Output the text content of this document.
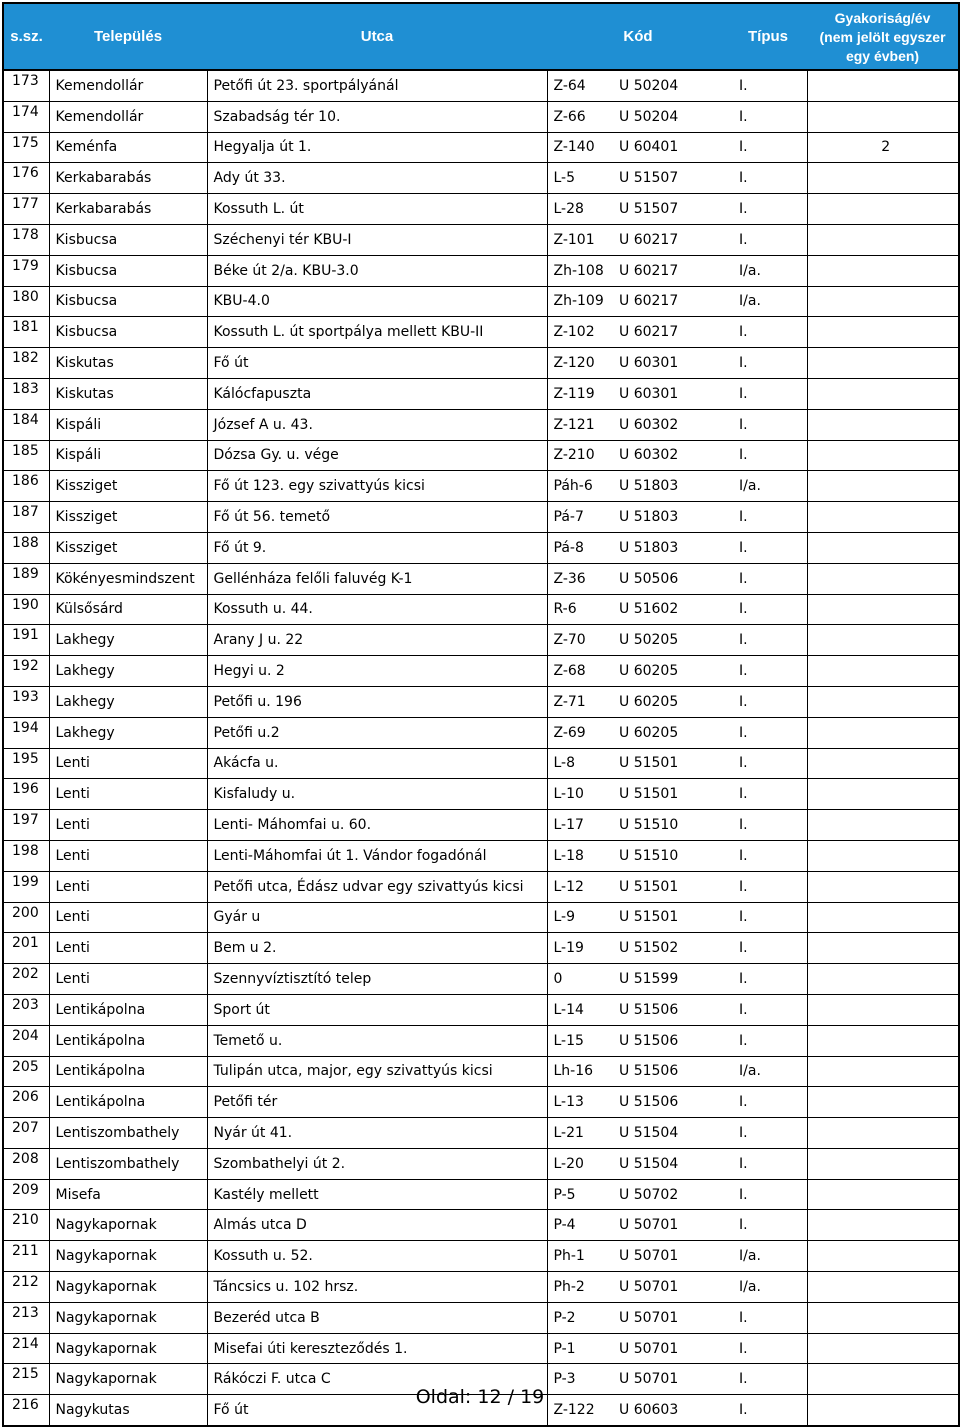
s.sz.	Település	Utca	Kód		Típus	Gyakoriság/év
(nem jelölt egyszer
egy évben)

173	Kemendollár	Petőfi út 23. sportpályánál	Z-64	U 50204	I.	
174	Kemendollár	Szabadság tér 10.	Z-66	U 50204	I.	
175	Keménfa	Hegyalja út 1.	Z-140	U 60401	I.	2
176	Kerkabarabás	Ady út 33.	L-5	U 51507	I.	
177	Kerkabarabás	Kossuth L. út	L-28	U 51507	I.	
178	Kisbucsa	Széchenyi tér KBU-I	Z-101	U 60217	I.	
179	Kisbucsa	Béke út 2/a. KBU-3.0	Zh-108	U 60217	I/a.	
180	Kisbucsa	KBU-4.0	Zh-109	U 60217	I/a.	
181	Kisbucsa	Kossuth L. út sportpálya mellett KBU-II	Z-102	U 60217	I.	
182	Kiskutas	Fő út	Z-120	U 60301	I.	
183	Kiskutas	Kálócfapuszta	Z-119	U 60301	I.	
184	Kispáli	József A u. 43.	Z-121	U 60302	I.	
185	Kispáli	Dózsa Gy. u. vége	Z-210	U 60302	I.	
186	Kissziget	Fő út 123. egy szivattyús kicsi	Páh-6	U 51803	I/a.	
187	Kissziget	Fő út 56. temető	Pá-7	U 51803	I.	
188	Kissziget	Fő út 9.	Pá-8	U 51803	I.	
189	Kökényesmindszent	Gellénháza felőli faluvég K-1	Z-36	U 50506	I.	
190	Külsősárd	Kossuth u. 44.	R-6	U 51602	I.	
191	Lakhegy	Arany J u. 22	Z-70	U 50205	I.	
192	Lakhegy	Hegyi u. 2	Z-68	U 60205	I.	
193	Lakhegy	Petőfi u. 196	Z-71	U 60205	I.	
194	Lakhegy	Petőfi u.2	Z-69	U 60205	I.	
195	Lenti	Akácfa u.	L-8	U 51501	I.	
196	Lenti	Kisfaludy u.	L-10	U 51501	I.	
197	Lenti	Lenti- Máhomfai u. 60.	L-17	U 51510	I.	
198	Lenti	Lenti-Máhomfai út 1. Vándor fogadónál	L-18	U 51510	I.	
199	Lenti	Petőfi utca, Édász udvar egy szivattyús kicsi	L-12	U 51501	I.	
200	Lenti	Gyár u	L-9	U 51501	I.	
201	Lenti	Bem u 2.	L-19	U 51502	I.	
202	Lenti	Szennyvíztisztító telep	0	U 51599	I.	
203	Lentikápolna	Sport út	L-14	U 51506	I.	
204	Lentikápolna	Temető u.	L-15	U 51506	I.	
205	Lentikápolna	Tulipán utca, major, egy szivattyús kicsi	Lh-16	U 51506	I/a.	
206	Lentikápolna	Petőfi tér	L-13	U 51506	I.	
207	Lentiszombathely	Nyár út 41.	L-21	U 51504	I.	
208	Lentiszombathely	Szombathelyi út 2.	L-20	U 51504	I.	
209	Misefa	Kastély mellett	P-5	U 50702	I.	
210	Nagykapornak	Almás utca D	P-4	U 50701	I.	
211	Nagykapornak	Kossuth u. 52.	Ph-1	U 50701	I/a.	
212	Nagykapornak	Táncsics u. 102 hrsz.	Ph-2	U 50701	I/a.	
213	Nagykapornak	Bezeréd utca B	P-2	U 50701	I.	
214	Nagykapornak	Misefai úti kereszteződés 1.	P-1	U 50701	I.	
215	Nagykapornak	Rákóczi F. utca C	P-3	U 50701	I.	
216	Nagykutas	Fő út	Z-122	U 60603	I.	
Oldal: 12 / 19
